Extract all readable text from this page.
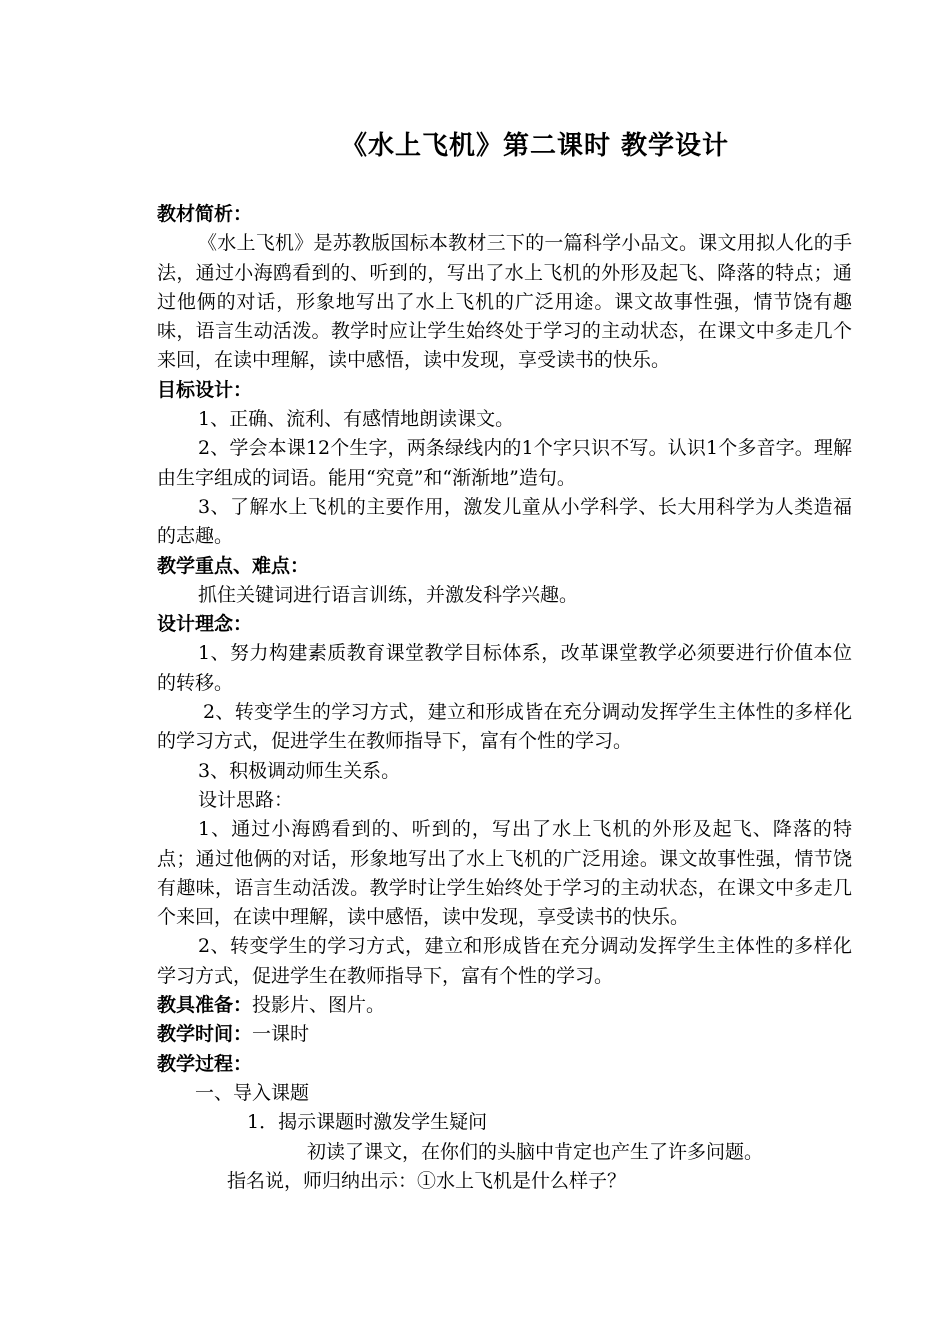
《水上飞机》第二课时 教学设计

教材简析：

《水上飞机》是苏教版国标本教材三下的一篇科学小品文。课文用拟人化的手法，通过小海鸥看到的、听到的，写出了水上飞机的外形及起飞、降落的特点；通过他俩的对话，形象地写出了水上飞机的广泛用途。课文故事性强，情节饶有趣味，语言生动活泼。教学时应让学生始终处于学习的主动状态，在课文中多走几个来回，在读中理解，读中感悟，读中发现，享受读书的快乐。

目标设计：

1、正确、流利、有感情地朗读课文。

2、学会本课12个生字，两条绿线内的1个字只识不写。认识1个多音字。理解由生字组成的词语。能用“究竟”和“渐渐地”造句。

3、了解水上飞机的主要作用，激发儿童从小学科学、长大用科学为人类造福的志趣。

教学重点、难点：

抓住关键词进行语言训练，并激发科学兴趣。

设计理念：

1、努力构建素质教育课堂教学目标体系，改革课堂教学必须要进行价值本位的转移。

2、转变学生的学习方式，建立和形成皆在充分调动发挥学生主体性的多样化的学习方式，促进学生在教师指导下，富有个性的学习。

3、积极调动师生关系。

设计思路：

1、通过小海鸥看到的、听到的，写出了水上飞机的外形及起飞、降落的特点；通过他俩的对话，形象地写出了水上飞机的广泛用途。课文故事性强，情节饶有趣味，语言生动活泼。教学时让学生始终处于学习的主动状态，在课文中多走几个来回，在读中理解，读中感悟，读中发现，享受读书的快乐。

2、转变学生的学习方式，建立和形成皆在充分调动发挥学生主体性的多样化学习方式，促进学生在教师指导下，富有个性的学习。

教具准备：投影片、图片。

教学时间：一课时

教学过程：

一、导入课题

1．揭示课题时激发学生疑问

初读了课文，在你们的头脑中肯定也产生了许多问题。

指名说，师归纳出示：①水上飞机是什么样子？
